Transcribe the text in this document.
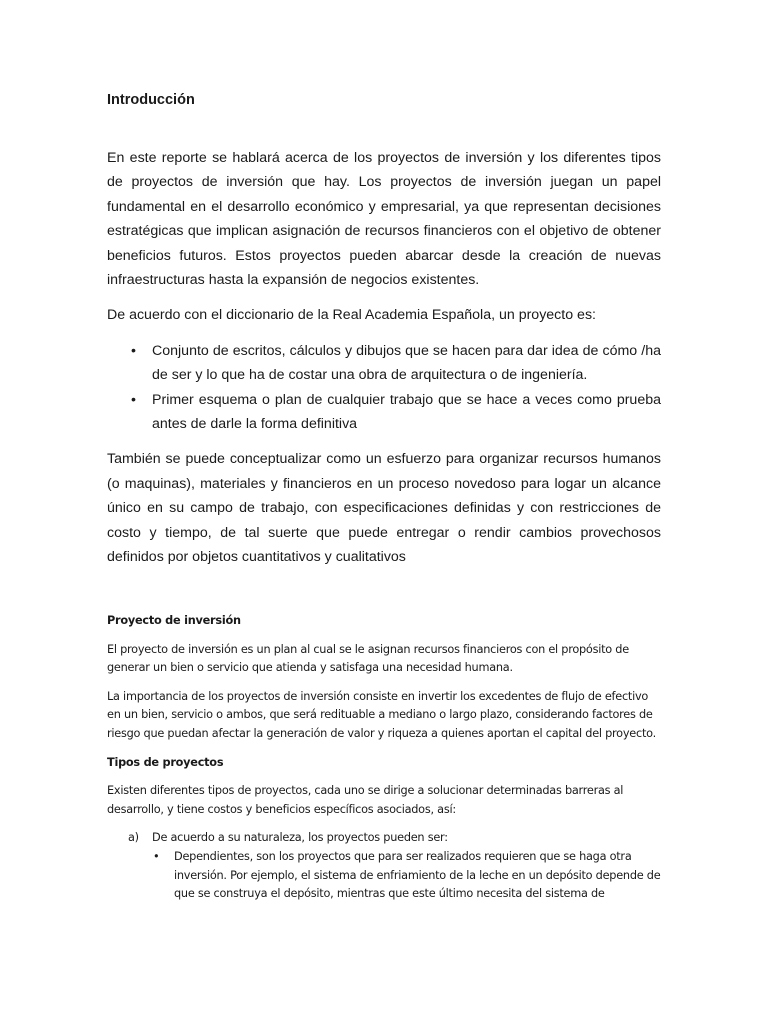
Introducción
En este reporte se hablará acerca de los proyectos de inversión y los diferentes tipos de proyectos de inversión que hay. Los proyectos de inversión juegan un papel fundamental en el desarrollo económico y empresarial, ya que representan decisiones estratégicas que implican asignación de recursos financieros con el objetivo de obtener beneficios futuros. Estos proyectos pueden abarcar desde la creación de nuevas infraestructuras hasta la expansión de negocios existentes.
De acuerdo con el diccionario de la Real Academia Española, un proyecto es:
• Conjunto de escritos, cálculos y dibujos que se hacen para dar idea de cómo /ha de ser y lo que ha de costar una obra de arquitectura o de ingeniería.
• Primer esquema o plan de cualquier trabajo que se hace a veces como prueba antes de darle la forma definitiva
También se puede conceptualizar como un esfuerzo para organizar recursos humanos (o maquinas), materiales y financieros en un proceso novedoso para logar un alcance único en su campo de trabajo, con especificaciones definidas y con restricciones de costo y tiempo, de tal suerte que puede entregar o rendir cambios provechosos definidos por objetos cuantitativos y cualitativos
Proyecto de inversión
El proyecto de inversión es un plan al cual se le asignan recursos financieros con el propósito de generar un bien o servicio que atienda y satisfaga una necesidad humana.
La importancia de los proyectos de inversión consiste en invertir los excedentes de flujo de efectivo en un bien, servicio o ambos, que será redituable a mediano o largo plazo, considerando factores de riesgo que puedan afectar la generación de valor y riqueza a quienes aportan el capital del proyecto.
Tipos de proyectos
Existen diferentes tipos de proyectos, cada uno se dirige a solucionar determinadas barreras al desarrollo, y tiene costos y beneficios específicos asociados, así:
a) De acuerdo a su naturaleza, los proyectos pueden ser:
• Dependientes, son los proyectos que para ser realizados requieren que se haga otra inversión. Por ejemplo, el sistema de enfriamiento de la leche en un depósito depende de que se construya el depósito, mientras que este último necesita del sistema de
